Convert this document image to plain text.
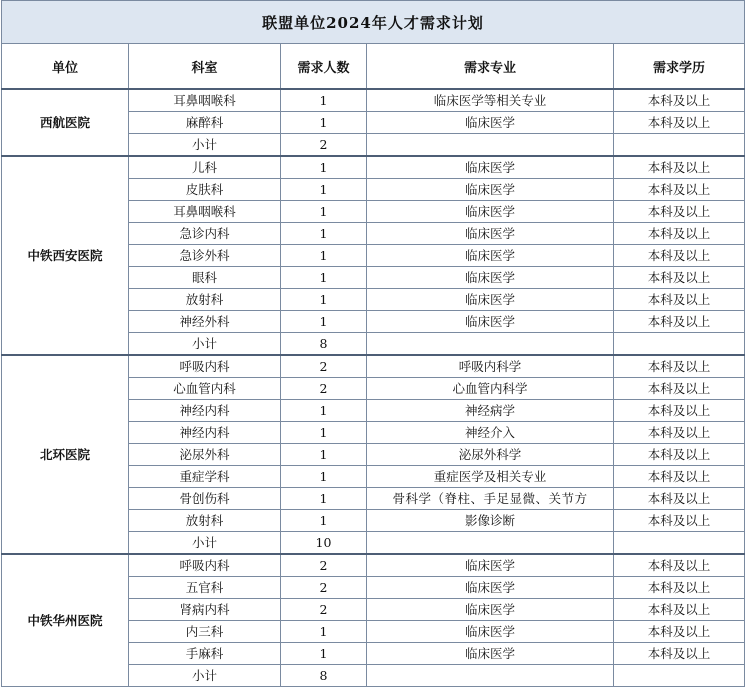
联盟单位2024年人才需求计划				
单位	科室	需求人数	需求专业	需求学历
西航医院	耳鼻咽喉科	1	临床医学等相关专业	本科及以上
	麻醉科	1	临床医学	本科及以上
	小计	2		
中铁西安医院	儿科	1	临床医学	本科及以上
	皮肤科	1	临床医学	本科及以上
	耳鼻咽喉科	1	临床医学	本科及以上
	急诊内科	1	临床医学	本科及以上
	急诊外科	1	临床医学	本科及以上
	眼科	1	临床医学	本科及以上
	放射科	1	临床医学	本科及以上
	神经外科	1	临床医学	本科及以上
	小计	8		
北环医院	呼吸内科	2	呼吸内科学	本科及以上
	心血管内科	2	心血管内科学	本科及以上
	神经内科	1	神经病学	本科及以上
	神经内科	1	神经介入	本科及以上
	泌尿外科	1	泌尿外科学	本科及以上
	重症学科	1	重症医学及相关专业	本科及以上
	骨创伤科	1	骨科学（脊柱、手足显微、关节方	本科及以上
	放射科	1	影像诊断	本科及以上
	小计	10		
中铁华州医院	呼吸内科	2	临床医学	本科及以上
	五官科	2	临床医学	本科及以上
	肾病内科	2	临床医学	本科及以上
	内三科	1	临床医学	本科及以上
	手麻科	1	临床医学	本科及以上
	小计	8		
